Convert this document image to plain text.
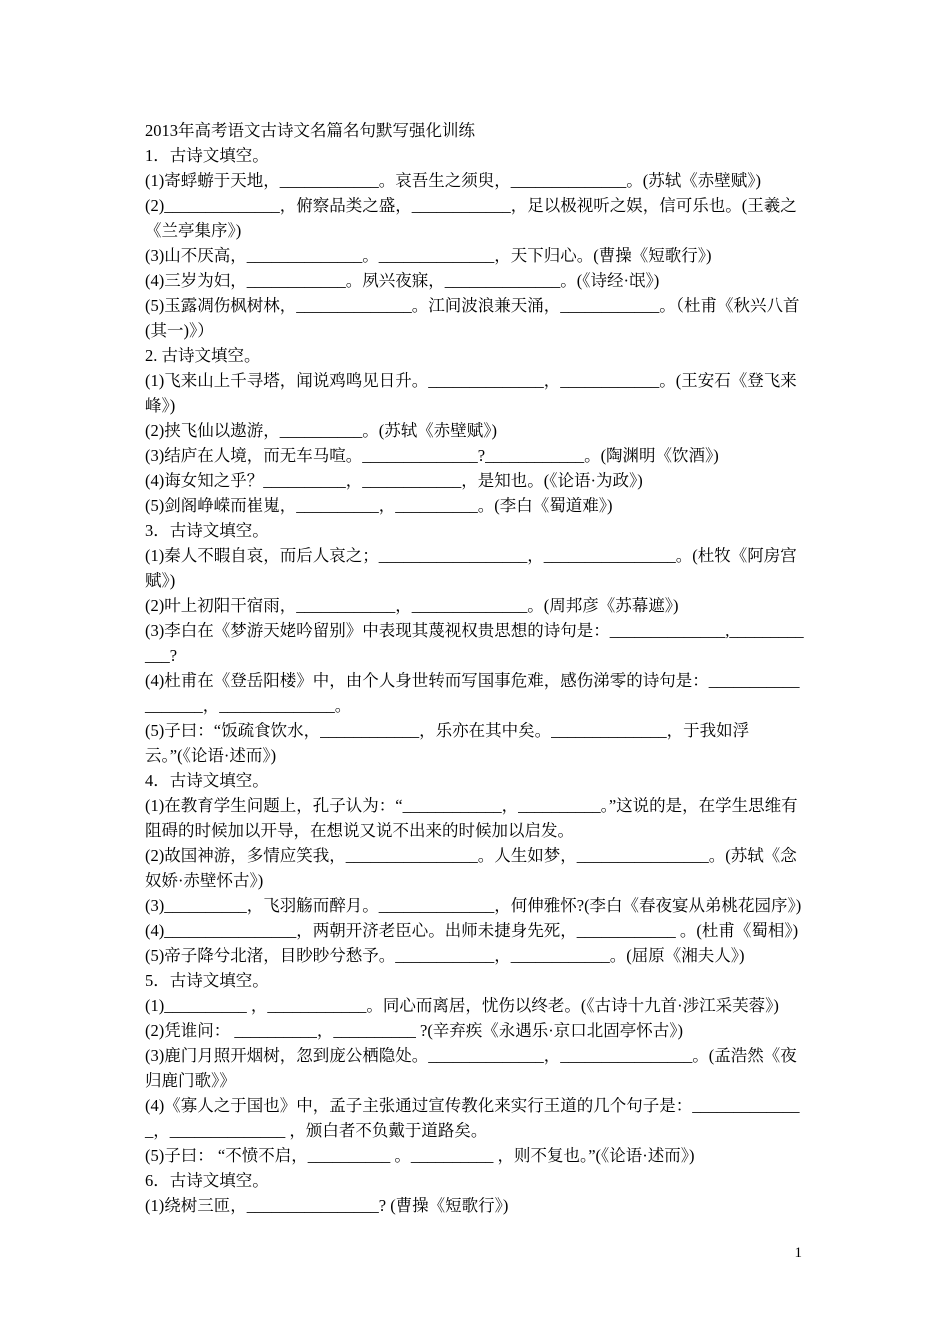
2013年高考语文古诗文名篇名句默写强化训练

1．古诗文填空。

(1)寄蜉蝣于天地，____________。哀吾生之须臾，______________。(苏轼《赤壁赋》)

(2)______________，俯察品类之盛，____________，足以极视听之娱，信可乐也。(王羲之《兰亭集序》)

(3)山不厌高，______________。______________，天下归心。(曹操《短歌行》)

(4)三岁为妇，____________。夙兴夜寐，______________。(《诗经·氓》)

(5)玉露凋伤枫树林，______________。江间波浪兼天涌，____________。（杜甫《秋兴八首(其一)》）

2. 古诗文填空。

(1)飞来山上千寻塔，闻说鸡鸣见日升。______________，____________。(王安石《登飞来峰》)

(2)挟飞仙以遨游，__________。(苏轼《赤壁赋》)

(3)结庐在人境，而无车马喧。______________?____________。(陶渊明《饮酒》)

(4)诲女知之乎？__________，____________，是知也。(《论语·为政》)

(5)剑阁峥嵘而崔嵬，__________，__________。(李白《蜀道难》)

3．古诗文填空。

(1)秦人不暇自哀，而后人哀之；__________________，________________。(杜牧《阿房宫赋》)

(2)叶上初阳干宿雨，____________，______________。(周邦彦《苏幕遮》)

(3)李白在《梦游天姥吟留别》中表现其蔑视权贵思想的诗句是：______________,____________?

(4)杜甫在《登岳阳楼》中，由个人身世转而写国事危难，感伤涕零的诗句是：__________________，______________。

(5)子曰：“饭疏食饮水，____________，乐亦在其中矣。______________，于我如浮云。”(《论语·述而》)

4．古诗文填空。

(1)在教育学生问题上，孔子认为：“____________，__________。”这说的是，在学生思维有阻碍的时候加以开导，在想说又说不出来的时候加以启发。

(2)故国神游，多情应笑我，________________。人生如梦，________________。(苏轼《念奴娇·赤壁怀古》)

(3)__________，飞羽觞而醉月。______________，何伸雅怀?(李白《春夜宴从弟桃花园序》)

(4)________________，两朝开济老臣心。出师未捷身先死，____________ 。(杜甫《蜀相》)

(5)帝子降兮北渚，目眇眇兮愁予。____________，____________。(屈原《湘夫人》)

5．古诗文填空。

(1)__________ ，____________。同心而离居，忧伤以终老。(《古诗十九首·涉江采芙蓉》)

(2)凭谁问： __________，__________ ?(辛弃疾《永遇乐·京口北固亭怀古》)

(3)鹿门月照开烟树，忽到庞公栖隐处。______________，________________。(孟浩然《夜归鹿门歌》》

(4)《寡人之于国也》中，孟子主张通过宣传教化来实行王道的几个句子是：______________，______________ ，颁白者不负戴于道路矣。

(5)子曰： “不愤不启，__________ 。__________ ，则不复也。”(《论语·述而》)

6．古诗文填空。

(1)绕树三匝，________________? (曹操《短歌行》)

1
